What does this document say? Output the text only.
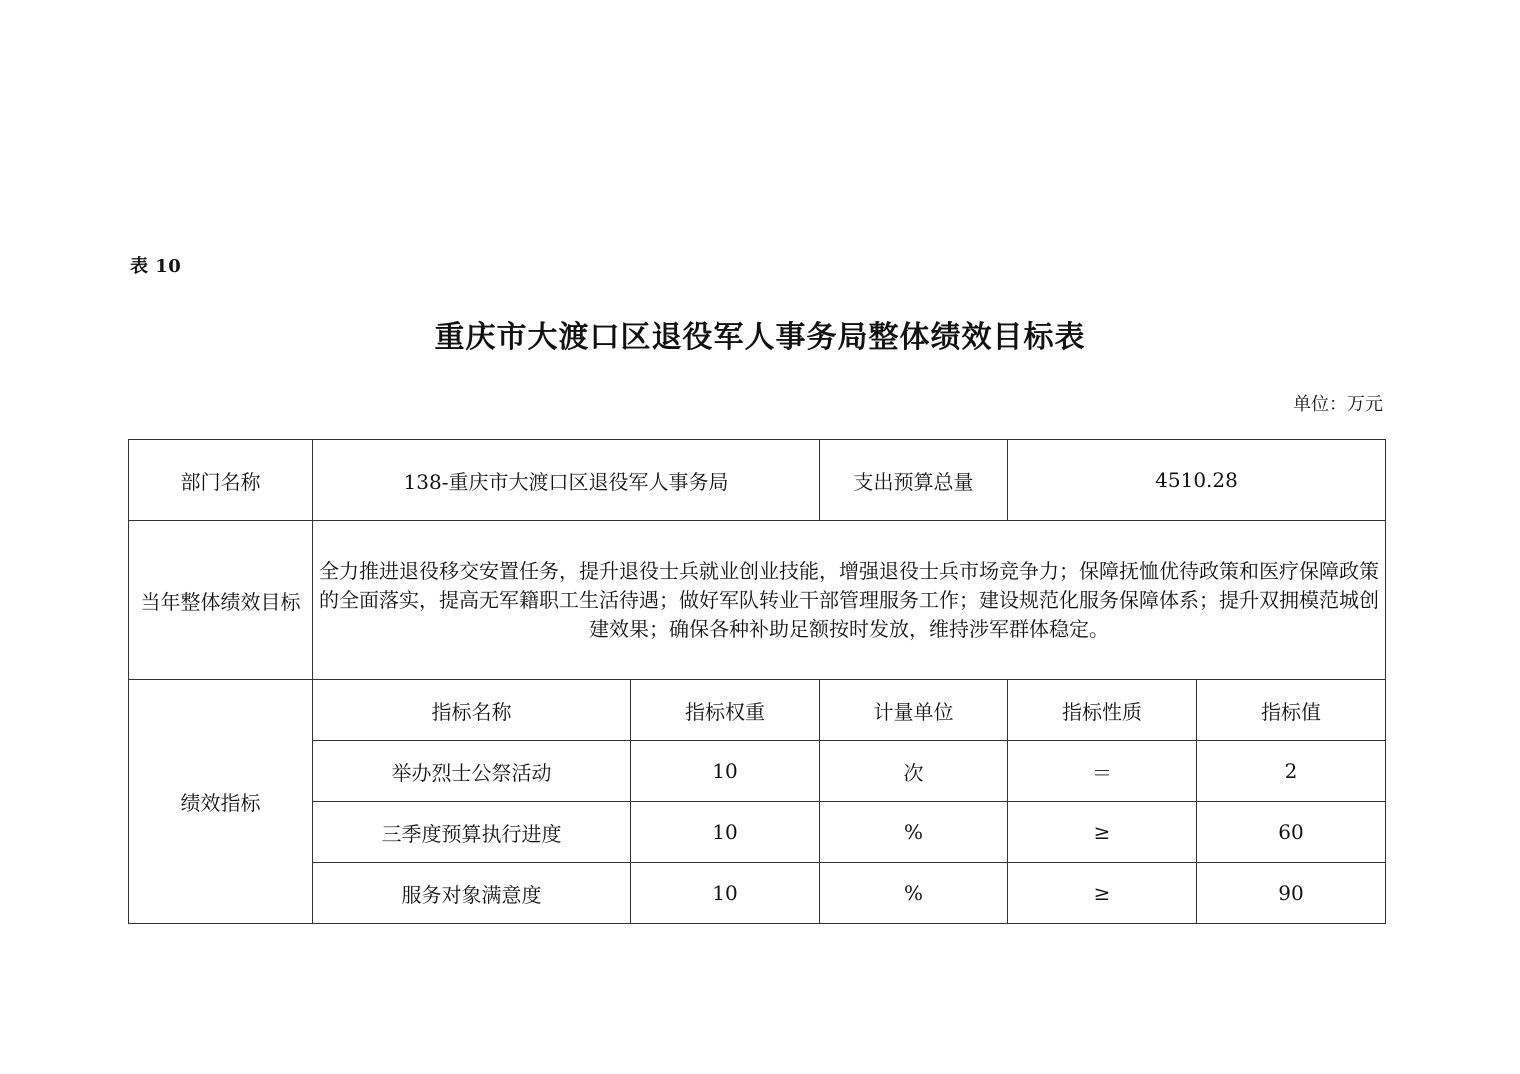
表 10
重庆市大渡口区退役军人事务局整体绩效目标表
单位：万元
部门名称	138-重庆市大渡口区退役军人事务局		支出预算总量	4510.28	
当年整体绩效目标	全力推进退役移交安置任务，提升退役士兵就业创业技能，增强退役士兵市场竞争力；保障抚恤优待政策和医疗保障政策的全面落实，提高无军籍职工生活待遇；做好军队转业干部管理服务工作；建设规范化服务保障体系；提升双拥模范城创建效果；确保各种补助足额按时发放，维持涉军群体稳定。				
绩效指标	指标名称	指标权重	计量单位	指标性质	指标值
	举办烈士公祭活动	10	次	＝	2
	三季度预算执行进度	10	%	≥	60
	服务对象满意度	10	%	≥	90
